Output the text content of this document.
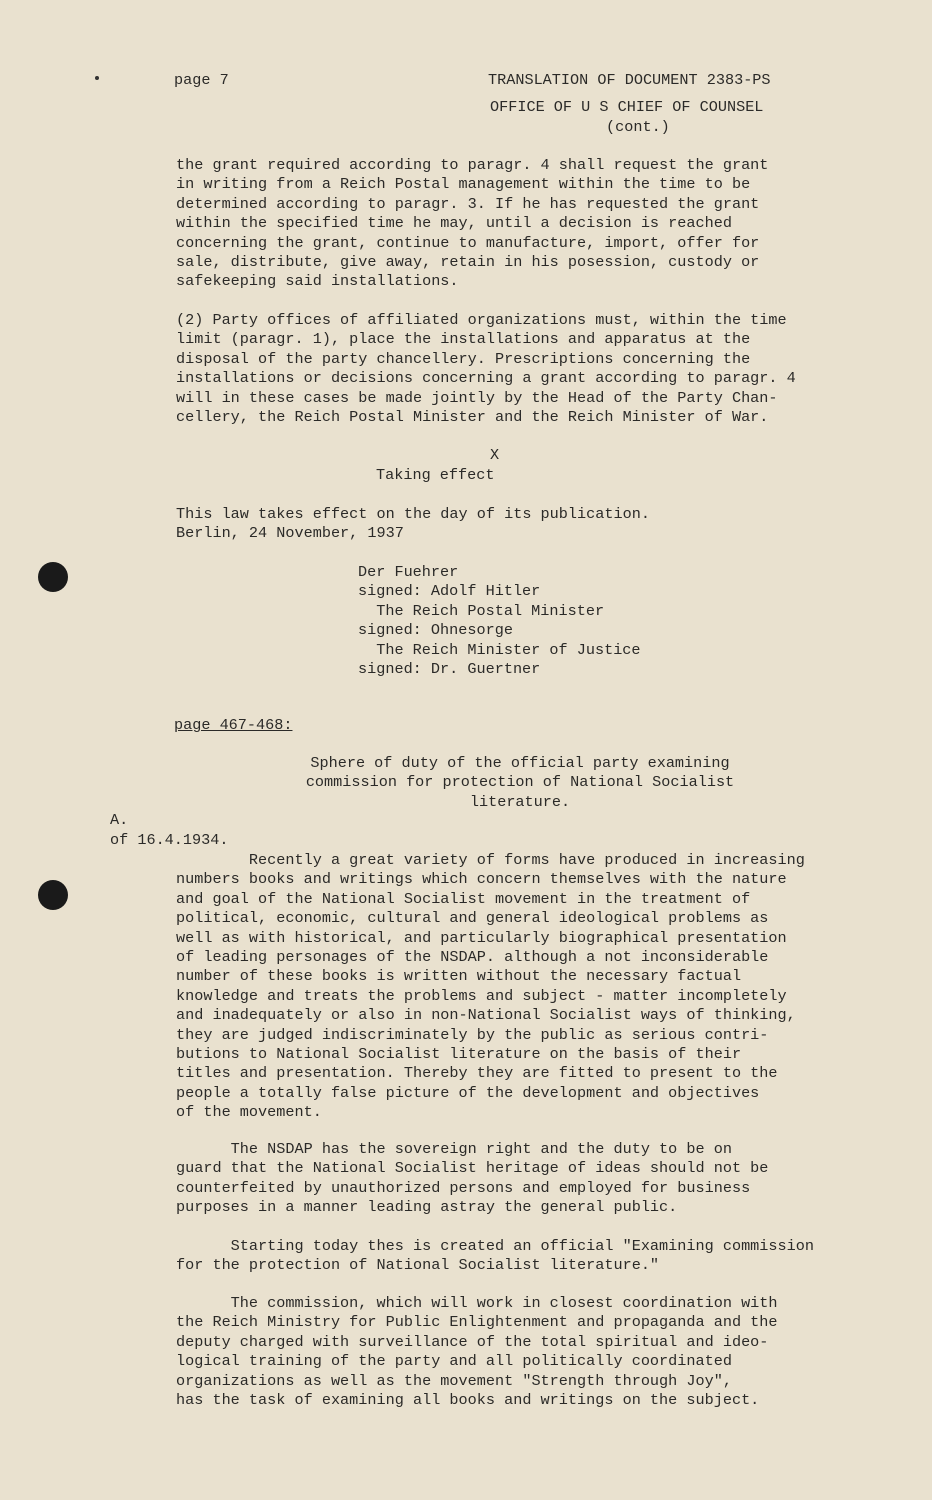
page 7	TRANSLATION OF DOCUMENT 2383-PS
OFFICE OF U S CHIEF OF COUNSEL
(cont.)
the grant required according to paragr. 4 shall request the grant
in writing from a Reich Postal management within the time to be
determined according to paragr. 3. If he has requested the grant
within the specified time he may, until a decision is reached
concerning the grant, continue to manufacture, import, offer for
sale, distribute, give away, retain in his posession, custody or
safekeeping said installations.
(2) Party offices of affiliated organizations must, within the time
limit (paragr. 1), place the installations and apparatus at the
disposal of the party chancellery. Prescriptions concerning the
installations or decisions concerning a grant according to paragr. 4
will in these cases be made jointly by the Head of the Party Chan-
cellery, the Reich Postal Minister and the Reich Minister of War.
X
Taking effect
This law takes effect on the day of its publication.
Berlin, 24 November, 1937
Der Fuehrer
signed: Adolf Hitler
The Reich Postal Minister
signed: Ohnesorge
The Reich Minister of Justice
signed: Dr. Guertner
page 467-468:
Sphere of duty of the official party examining
commission for protection of National Socialist
literature.
A.
of 16.4.1934.
Recently a great variety of forms have produced in increasing
numbers books and writings which concern themselves with the nature
and goal of the National Socialist movement in the treatment of
political, economic, cultural and general ideological problems as
well as with historical, and particularly biographical presentation
of leading personages of the NSDAP. although a not inconsiderable
number of these books is written without the necessary factual
knowledge and treats the problems and subject - matter incompletely
and inadequately or also in non-National Socialist ways of thinking,
they are judged indiscriminately by the public as serious contri-
butions to National Socialist literature on the basis of their
titles and presentation. Thereby they are fitted to present to the
people a totally false picture of the development and objectives
of the movement.
The NSDAP has the sovereign right and the duty to be on
guard that the National Socialist heritage of ideas should not be
counterfeited by unauthorized persons and employed for business
purposes in a manner leading astray the general public.
Starting today thes is created an official "Examining commission
for the protection of National Socialist literature."
The commission, which will work in closest coordination with
the Reich Ministry for Public Enlightenment and propaganda and the
deputy charged with surveillance of the total spiritual and ideo-
logical training of the party and all politically coordinated
organizations as well as the movement "Strength through Joy",
has the task of examining all books and writings on the subject.
